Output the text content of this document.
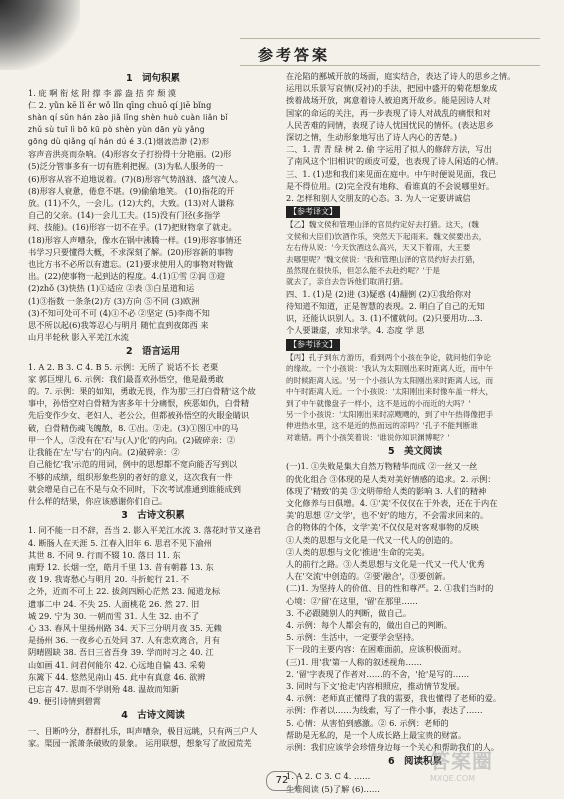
参考答案
1　词句积累

1. 庇 啊 衔 炫 附 撑 李 霹 盎 拮 弈 颓 漠

仁 2. yǔn kē lǐ ěr wǒ lǐn qīng chuō qí jiē bǐng

shàn qí sǔn hán zào jiǎ lǐng shèn huò cuàn liǎn bǐ

zhǔ sù tuī lì bō kū pò shèn yùn dān yù yǎng

gōng dù qiǎng qí hán dú é 3.(1)烟波浩渺 (2)形

容声音洪亮而杂响。(4)形容女子打扮得十分艳丽。(2)形

(5)泛分管事多有一切有胜利把握。(3)为私人服务的一

(6)形容从容不迫地说着。(7)(8)形容气势汹汹、盛气凌人。

(8)形容人衰惫，倦怠不堪。(9)偷偷地笑。 (10)指花的开

放。(11)不久，一会儿。(12)大约，大致。(13)对人谦称

自己的父亲。(14)一会儿工夫。(15)没有门径(多指学

问、技能)。(16)形容一切不在乎。(17)把财物拿了就走。

(18)形容人声嘈杂，像水在锅中沸腾一样。(19)形容事情还

书学习只要懂得大概，不求深刻了解。(20)形容新的事物

也比方书不必所以有遗忘。(21)要求使用人的事物对物做

出。(22)使事物一起到达的程度。4.(1)①雪 ②润 ③迎

(2)zhǒ (3)快热 (1)①适应 ②表 ③白星道和运

(1)③指数 一条条(2)方 (3)方向 ⑤不同 (3)欧洲

(3)不知可处可不可 (4)①不必 ②坚定 (5)李商不知

思不所以起(6)我等忍心与明月 随忙直到夜郎西 来

山月半轮秋 影入平羌江水流

2　语言运用

1. A 2. B 3. C 4. B 5. 示例：无所了 说话不长 老栗

家 郭巨埋儿 6. 示例：我们最喜欢孙悟空，他是最勇敢

的。7. 示例：果的如知，勇敢无畏，作为那'三打白骨精'这个故

事中，孙悟空对白骨精为害多年十分痛恨，疾恶如仇，白骨精

先后变作少女、老妇人、老公公，但都被孙悟空的火眼金睛识

破，白骨精伤魂飞魄散，8. ①出。②走。(3)①图①中的马

甲一个人，②没有在'石'与(人)'化'的内向。(2)破碎亲：②

让我能在'左'与'右'的内向。(2)破碎亲：②

自己能忆'我'示范的用词，例中的思想都不宽向能否写到以

不够的成绩，组织形象些别的者好的意义，这次我有一件

就会增是自己在不是与众不同时，下次考试准通到谁能成到

什么样的结果，你应该感谢你们自己。

3　古诗文积累

1. 同不能一日不辞，吾当 2. 影入平羌江水流 3. 落花时节又逢君

4. 断肠人在天涯 5. 江春入旧年 6. 思君不见下渝州

其世 8. 不同 9. 行而不辍 10. 落日 11. 东

南野 12. 长烟一空，皓月千里 13. 昔有朝暮 13. 东

夜 19. 我寄愁心与明月 20. 斗折蛇行 21. 不

之外，近而不可上 22. 拔剑四顾心茫然 23. 闻道龙标

遗事二中 24. 不失 25. 人面桃花 26. 然 27. 旧

城 29. 宁为 30. 一朝而雪 31. 人生 32. 由不了

心 33. 春风十里扬州路 34. 天下三分明月夜 35. 无赖

是扬州 36. 一夜乡心五处同 37. 人有悲欢离合，月有

阴晴圆缺 38. 吾日三省吾身 39. 学而时习之 40. 江

山如画 41. 问君何能尔 42. 心远地自偏 43. 采菊

东篱下 44. 悠然见南山 45. 此中有真意 46. 欲辨

已忘言 47. 思而不学则殆 48. 温故而知新

49. 便引诗情到碧霄

4　古诗文阅读

一、目断吟分，群群扎乐，叫声嘈杂，极目远眺，只有两三户人

家。渠园一派萧条破败的景象。 运用联想，想象写了故园荒芜

在沦陷的鄯城开放的场面，庭实结合，表达了诗人的思乡之情。

运用以乐景写哀情(反衬)的手法，把园中盛开的菊花想象成

挨着战场开放，寓意着诗人被迫离开故乡。能是因诗人对

国家的命运的关注，再一步表现了诗人对战乱的痛恨和对

人民苦难的同情，表现了诗人忧国忧民的情怀。(表达思乡

深切之情，生动形象地写出了诗人内心的苦楚。)

二、1. 青 青 绿 树 2. 偷 字运用了拟人的修辞方法，写出

了南风这个'旧相识'的顽皮可爱，也表现了诗人闲适的心情。

三、1. (1)悲和我们来见面在庭中。中午时便说见面，我已

是不得位用。(2)完全没有地称、看谁真的不会说哪里好。

2. 怎样和别人交朋友的心态。3. 为人一定要讲诚信

【参考译文】

【乙】魏文侯和管理山泽的官员约定好去打猎。这天，(魏

文侯和大臣们)饮酒作乐，突然天下起雨来。魏文侯要出去，

左右侍从说：'今天饮酒这么高兴，天又下着雨，大王要

去哪里呢？'魏文侯说：'我和管理山泽的官员约好去打猎，

虽然现在很快乐，但怎么能不去赴约呢？'于是

就去了，亲自去告诉他们取消打猎。

四、1. (1)是 (2)进 (3)疑惑 (4)翻倒 (2)①我给你对

待知道不知道，正是智慧的表现。2. 明白了自己的无知

识，还能认识别人。3. (1)不懂就问。(2)只要用功...3.

个人要谦虚，求知求学。4. 态度 学 思

【参考译文】

【丙】孔子到东方游历，看到两个小孩在争论，就问他们争论

的缘故。一个小孩说：'我认为太阳刚出来时距离人近，而中午

的时候距离人远。'另一个小孩认为太阳刚出来时距离人远，而

中午时距离人近。一个小孩说：'太阳刚出来时像车盖一样大，

到了中午就像盘子一样小，这不是远的小而近的大吗？'

另一个小孩说：'太阳刚出来时凉飕飕的，到了中午热得像把手

伸进热水里，这不是近的热而远的凉吗？'孔子不能判断谁

对谁错。两个小孩笑着说：'谁说你知识渊博呢？'

5　美文阅读

(一)1. ①失败是集大自然万物精华而成 ②一丝又一丝

的优化组合 ③体现的是人类对美好情感的追求。2. 示例：

体现了'精致'的美 ③文明带给人类的影响 3. 人们的精神

文化修养与日俱增。4. ①'美'不仅仅在于外表，还在于内在

美'的思想 ②'文学'，也不'好'的地方，不会需求回来的。

合的物体的个体，文学'美'不仅仅是对客观事物的反映

①人类的思想与文化是一代又一代人的创造的。

②人类的思想与文化'推进'生命的完美。

人的前行之路。③人类思想与文化是一代又一代人'优秀

人在'交流'中创造的。②要'融合'，③要创新。

(二)1. 为坚持人的价值、目的性和尊严。2. ①我们当时的

心境：②'留'在这里，'留'在那里……

3. 不必跟随别人的判断，做自己。

4. 示例：每个人都会有的，做出自己的判断。

5. 示例：生活中，一定要学会坚持。

下一段的主要内容：在困难面前，应该积极面对。

(三)1. 用'我'第一人称的叙述视角……

2. '留'字表现了作者对……的不舍，'抢'是写的……

3. 同时与下文'抢走'内容相照应，推动情节发展。

4. 示例：老师真正懂得了我的需要，我也懂得了老师的爱。

示例：作者以……为线索，写了一件小事，表达了……

5. 心情：从害怕到感激。② 6. 示例：老师的

帮助是无私的，是一个人成长路上最宝贵的财富。

示例：我们应该学会珍惜身边每一个关心和帮助我们的人。

6　阅读积累

1. A 2. C 3. C 4. ……

生难阅读 (5)了解 (6)……

72
答案圈
MXQE.COM
